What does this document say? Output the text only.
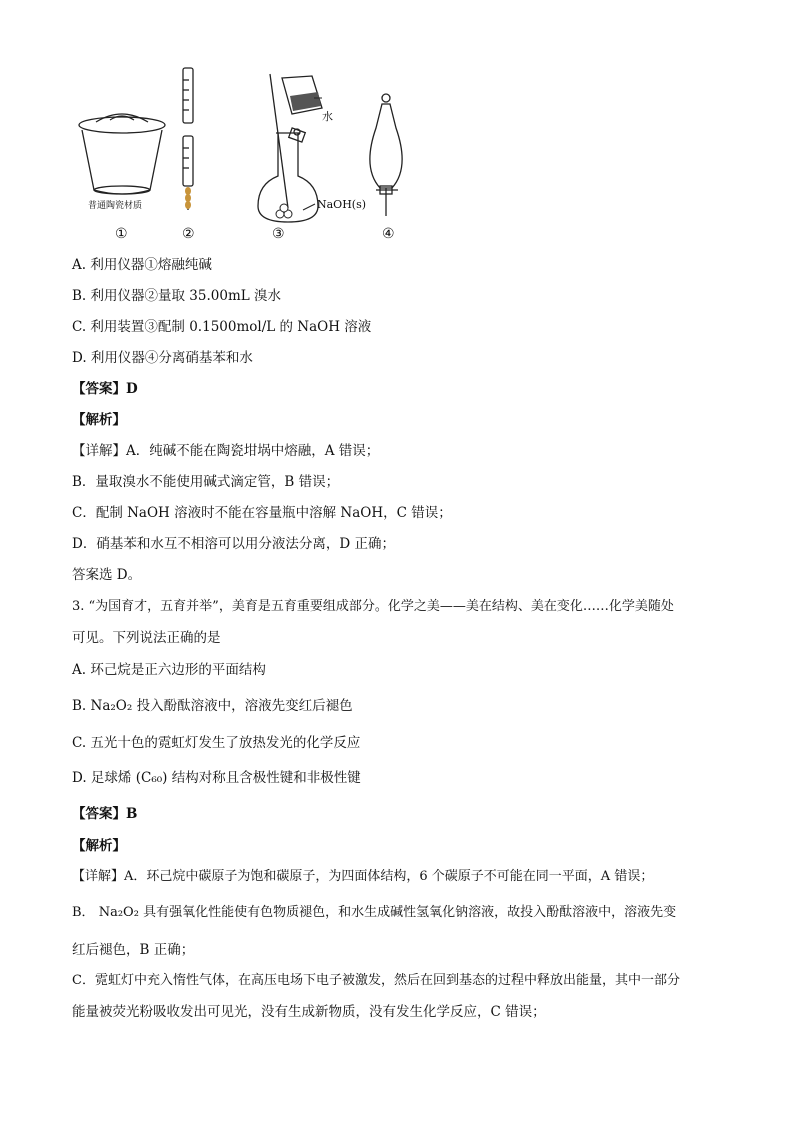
普通陶瓷材质
水
NaOH(s)
①	②	③	④
A. 利用仪器①熔融纯碱
B. 利用仪器②量取 35.00mL 溴水
C. 利用装置③配制 0.1500mol/L 的 NaOH 溶液
D. 利用仪器④分离硝基苯和水
【答案】D
【解析】
【详解】A．纯碱不能在陶瓷坩埚中熔融，A 错误；
B．量取溴水不能使用碱式滴定管，B 错误；
C．配制 NaOH 溶液时不能在容量瓶中溶解 NaOH，C 错误；
D．硝基苯和水互不相溶可以用分液法分离，D 正确；
答案选 D。
3. “为国育才，五育并举”，美育是五育重要组成部分。化学之美——美在结构、美在变化……化学美随处
可见。下列说法正确的是
A. 环己烷是正六边形的平面结构
B. Na₂O₂ 投入酚酞溶液中，溶液先变红后褪色
C. 五光十色的霓虹灯发生了放热发光的化学反应
D. 足球烯 (C₆₀) 结构对称且含极性键和非极性键
【答案】B
【解析】
【详解】A．环己烷中碳原子为饱和碳原子，为四面体结构，6 个碳原子不可能在同一平面，A 错误；
B． Na₂O₂ 具有强氧化性能使有色物质褪色，和水生成碱性氢氧化钠溶液，故投入酚酞溶液中，溶液先变
红后褪色，B 正确；
C．霓虹灯中充入惰性气体，在高压电场下电子被激发，然后在回到基态的过程中释放出能量，其中一部分
能量被荧光粉吸收发出可见光，没有生成新物质，没有发生化学反应，C 错误；
